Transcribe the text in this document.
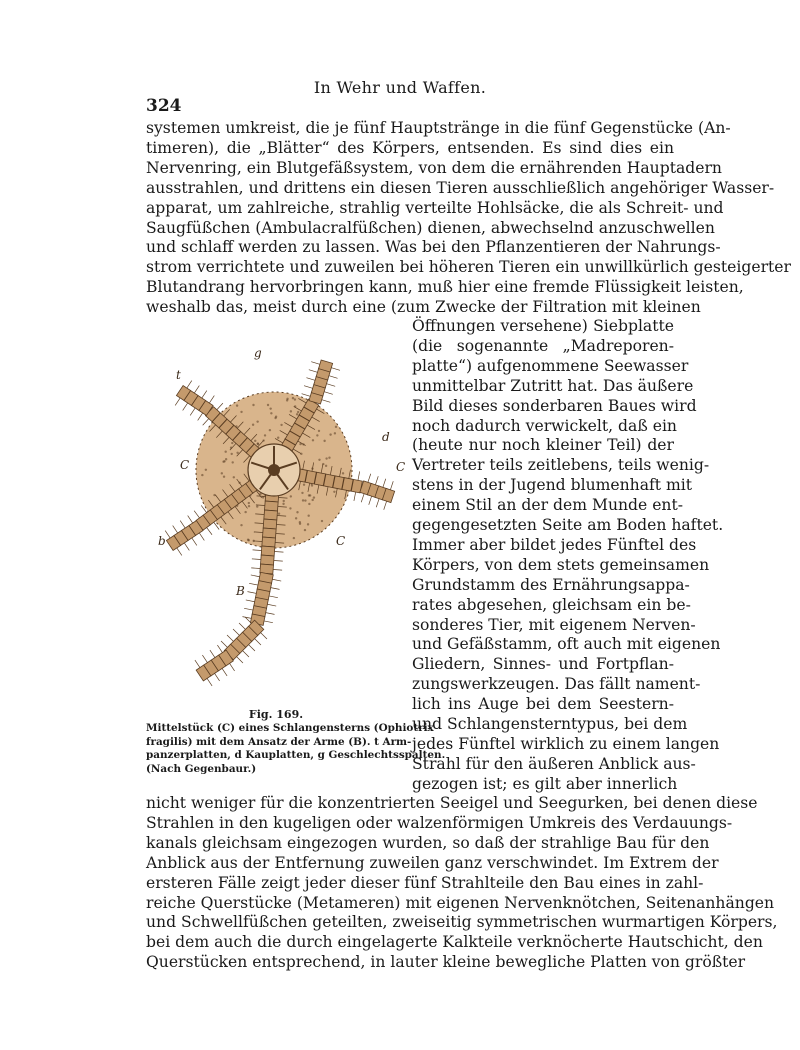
In Wehr und Waffen.
324
systemen umkreist, die je fünf Hauptstränge in die fünf Gegenstücke (An-
timeren), die „Blätter“ des Körpers, entsenden. Es sind dies ein
Nervenring, ein Blutgefäßsystem, von dem die ernährenden Hauptadern
ausstrahlen, und drittens ein diesen Tieren ausschließlich angehöriger Wasser-
apparat, um zahlreiche, strahlig verteilte Hohlsäcke, die als Schreit- und
Saugfüßchen (Ambulacralfüßchen) dienen, abwechselnd anzuschwellen
und schlaff werden zu lassen. Was bei den Pflanzentieren der Nahrungs-
strom verrichtete und zuweilen bei höheren Tieren ein unwillkürlich gesteigerter
Blutandrang hervorbringen kann, muß hier eine fremde Flüssigkeit leisten,
weshalb das, meist durch eine (zum Zwecke der Filtration mit kleinen
g
t
d
C	C
b	C
B
Fig. 169.
Mittelstück (C) eines Schlangensterns (Ophiotrix
fragilis) mit dem Ansatz der Arme (B). t Arm-
panzerplatten, d Kauplatten, g Geschlechtsspalten.
(Nach Gegenbaur.)
Öffnungen versehene) Siebplatte
(die sogenannte „Madreporen-
platte“) aufgenommene Seewasser
unmittelbar Zutritt hat. Das äußere
Bild dieses sonderbaren Baues wird
noch dadurch verwickelt, daß ein
(heute nur noch kleiner Teil) der
Vertreter teils zeitlebens, teils wenig-
stens in der Jugend blumenhaft mit
einem Stil an der dem Munde ent-
gegengesetzten Seite am Boden haftet.
Immer aber bildet jedes Fünftel des
Körpers, von dem stets gemeinsamen
Grundstamm des Ernährungsappa-
rates abgesehen, gleichsam ein be-
sonderes Tier, mit eigenem Nerven-
und Gefäßstamm, oft auch mit eigenen
Gliedern, Sinnes- und Fortpflan-
zungswerkzeugen. Das fällt nament-
lich ins Auge bei dem Seestern-
und Schlangensterntypus, bei dem
jedes Fünftel wirklich zu einem langen
Strahl für den äußeren Anblick aus-
gezogen ist; es gilt aber innerlich
nicht weniger für die konzentrierten Seeigel und Seegurken, bei denen diese
Strahlen in den kugeligen oder walzenförmigen Umkreis des Verdauungs-
kanals gleichsam eingezogen wurden, so daß der strahlige Bau für den
Anblick aus der Entfernung zuweilen ganz verschwindet. Im Extrem der
ersteren Fälle zeigt jeder dieser fünf Strahlteile den Bau eines in zahl-
reiche Querstücke (Metameren) mit eigenen Nervenknötchen, Seitenanhängen
und Schwellfüßchen geteilten, zweiseitig symmetrischen wurmartigen Körpers,
bei dem auch die durch eingelagerte Kalkteile verknöcherte Hautschicht, den
Querstücken entsprechend, in lauter kleine bewegliche Platten von größter
